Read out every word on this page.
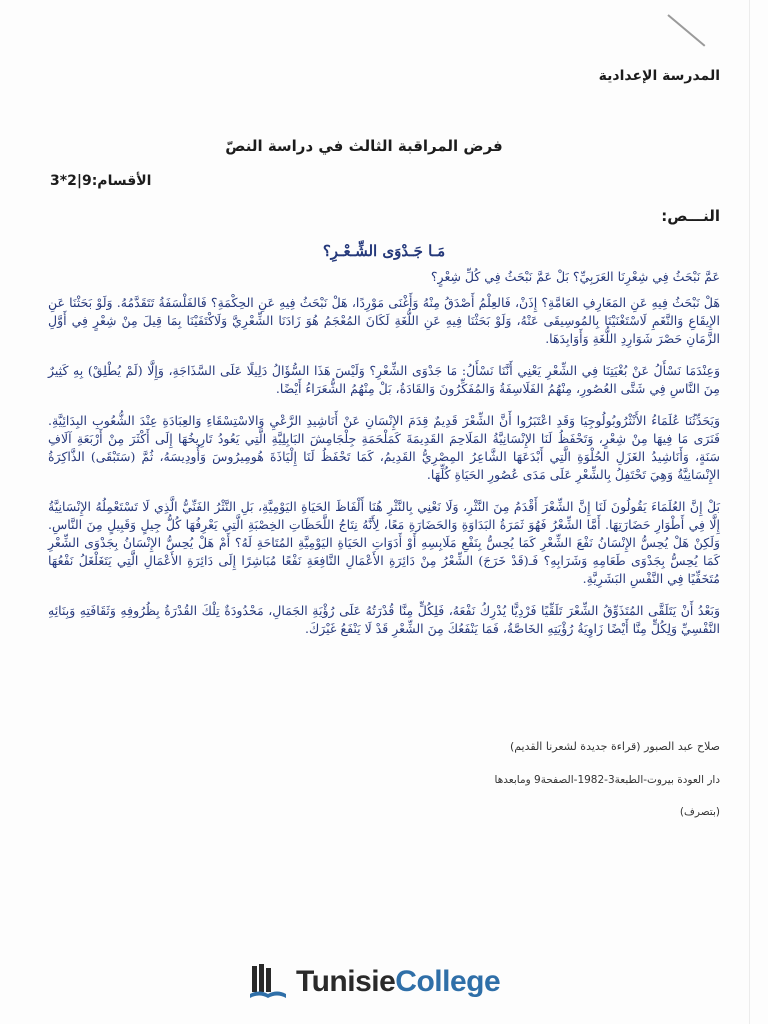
المدرسة الإعدادية
فرض المراقبة الثالث في دراسة النصّ
الأقسام:9|2*3
النـــص:
مَـا جَـدْوَى الشِّـعْـرِ؟

عَمَّ نَبْحَثُ فِي شِعْرِنَا العَرَبِيِّ؟ بَلْ عَمَّ نَبْحَثُ فِي كُلِّ شِعْرٍ؟

هَلْ نَبْحَثُ فِيهِ عَنِ المَعَارِفِ العَامَّةِ؟ إِذَنْ، فَالعِلْمُ أَصْدَقُ مِنْهُ وَأَغْنَى مَوْرِدًا، هَلْ نَبْحَثُ فِيهِ عَنِ الحِكْمَةِ؟ فَالفَلْسَفَةُ تَتَقَدَّمُهُ. وَلَوْ بَحَثْنَا عَنِ الإِيقَاعِ وَالنَّغَمِ لَاسْتَغْنَيْنَا بِالمُوسِيقَى عَنْهُ، وَلَوْ بَحَثْنَا فِيهِ عَنِ اللُّغَةِ لَكَانَ المُعْجَمُ هُوَ زَادَنَا الشِّعْرِيَّ وَلَاكْتَفَيْنَا بِمَا قِيلَ مِنْ شِعْرٍ فِي أَوَّلِ الزَّمَانِ حَصْرَ شَوَارِدِ اللُّغَةِ وَأَوَابِدَهَا.

وَعِنْدَمَا نَسْأَلُ عَنْ بُغْيَتِنَا فِي الشِّعْرِ يَعْنِي أَنَّنَا نَسْأَلُ: مَا جَدْوَى الشِّعْرِ؟ وَلَيْسَ هَذَا السُّؤَالُ دَلِيلًا عَلَى السَّذَاجَةِ، وَإِلَّا (لَمْ يُطْلِقْ) بِهِ كَثِيرٌ مِنَ النَّاسِ فِي شَتَّى العُصُورِ، مِنْهُمُ الفَلَاسِفَةُ وَالمُفَكِّرُونَ وَالقَادَةُ، بَلْ مِنْهُمُ الشُّعَرَاءُ أَيْضًا.

وَيَحَدِّثُنَا عُلَمَاءُ الأَنْثْرُوبُولُوجِيَا وَقَدِ اعْتَبَرُوا أَنَّ الشِّعْرَ قَدِيمٌ قِدَمَ الإِنْسَانِ عَنْ أَنَاشِيدِ الرَّعْيِ وَالاسْتِسْقَاءِ وَالعِبَادَةِ عِنْدَ الشُّعُوبِ البِدَائِيَّةِ. فَنَرَى مَا فِيهَا مِنْ شِعْرٍ، وَتَحْفَظُ لَنَا الإِنْسَانِيَّةُ المَلَاحِمَ القَدِيمَةَ كَمَلْحَمَةِ جِلْجَامِشَ البَابِلِيَّةِ الَّتِي يَعُودُ تَارِيخُهَا إِلَى أَكْثَرَ مِنْ أَرْبَعَةِ آلَافِ سَنَةٍ، وَأَنَاشِيدُ الغَزَلِ الحُلْوَةِ الَّتِي أَبْدَعَهَا الشَّاعِرُ المِصْرِيُّ القَدِيمُ، كَمَا تَحْفَظُ لَنَا إِلْيَاذَةَ هُومِيرُوسَ وَأُودِيسَهُ، ثُمَّ (سَتَبْقَى) الذَّاكِرَةُ الإِنْسَانِيَّةُ وَهِيَ تَحْتَفِلُ بِالشِّعْرِ عَلَى مَدَى عُصُورِ الحَيَاةِ كُلِّهَا.

بَلْ إِنَّ العُلَمَاءَ يَقُولُونَ لَنَا إِنَّ الشِّعْرَ أَقْدَمُ مِنَ النَّثْرِ، وَلَا نَعْنِي بِالنَّثْرِ هُنَا أَلْفَاظَ الحَيَاةِ اليَوْمِيَّةِ، بَلِ النَّثْرُ الفَنِّيُّ الَّذِي لَا تَسْتَعْمِلُهُ الإِنْسَانِيَّةُ إِلَّا فِي أَطْوَارِ حَضَارَتِهَا. أَمَّا الشِّعْرُ فَهُوَ ثَمَرَةُ البَدَاوَةِ وَالحَضَارَةِ مَعًا، لِأَنَّهُ نِتَاجُ اللَّحَظَاتِ الخِصْبَةِ الَّتِي يَعْرِفُهَا كُلُّ جِيلٍ وَقَبِيلٍ مِنَ النَّاسِ. وَلَكِنْ هَلْ يُحِسُّ الإِنْسَانُ نَفْعَ الشِّعْرِ كَمَا يُحِسُّ بِنَفْعِ مَلَابِسِهِ أَوْ أَدَوَاتِ الحَيَاةِ اليَوْمِيَّةِ المُتَاحَةِ لَهُ؟ أَمْ هَلْ يُحِسُّ الإِنْسَانُ بِجَدْوَى الشِّعْرِ كَمَا يُحِسُّ بِجَدْوَى طَعَامِهِ وَشَرَابِهِ؟ فَـ(قَدْ خَرَجَ) الشِّعْرُ مِنْ دَائِرَةِ الأَعْمَالِ النَّافِعَةِ نَفْعًا مُبَاشِرًا إِلَى دَائِرَةِ الأَعْمَالِ الَّتِي يَتَغَلْغَلُ نَفْعُهَا مُتَخَفِّيًا فِي النَّفْسِ البَشَرِيَّةِ.

وَبَعْدُ أَنْ يَتَلَقَّى المُتَذَوِّقُ الشِّعْرَ تَلَقِّيًا فَرْدِيًّا يُدْرِكُ نَفْعَهُ، فَلِكُلٍّ مِنَّا قُدْرَتُهُ عَلَى رُؤْيَةِ الجَمَالِ، مَحْدُودَةٌ تِلْكَ القُدْرَةُ بِظُرُوفِهِ وَثَقَافَتِهِ وَبِنَائِهِ النَّفْسِيِّ وَلِكُلٍّ مِنَّا أَيْضًا زَاوِيَةُ رُؤْيَتِهِ الخَاصَّةُ، فَمَا يَنْفَعُكَ مِنَ الشِّعْرِ قَدْ لَا يَنْفَعُ غَيْرَكَ.

صلاح عبد الصبور (قراءة جديدة لشعرنا القديم)
دار العودة بيروت-الطبعة3-1982-الصفحة9 ومابعدها
(بتصرف)
TunisieCollege
